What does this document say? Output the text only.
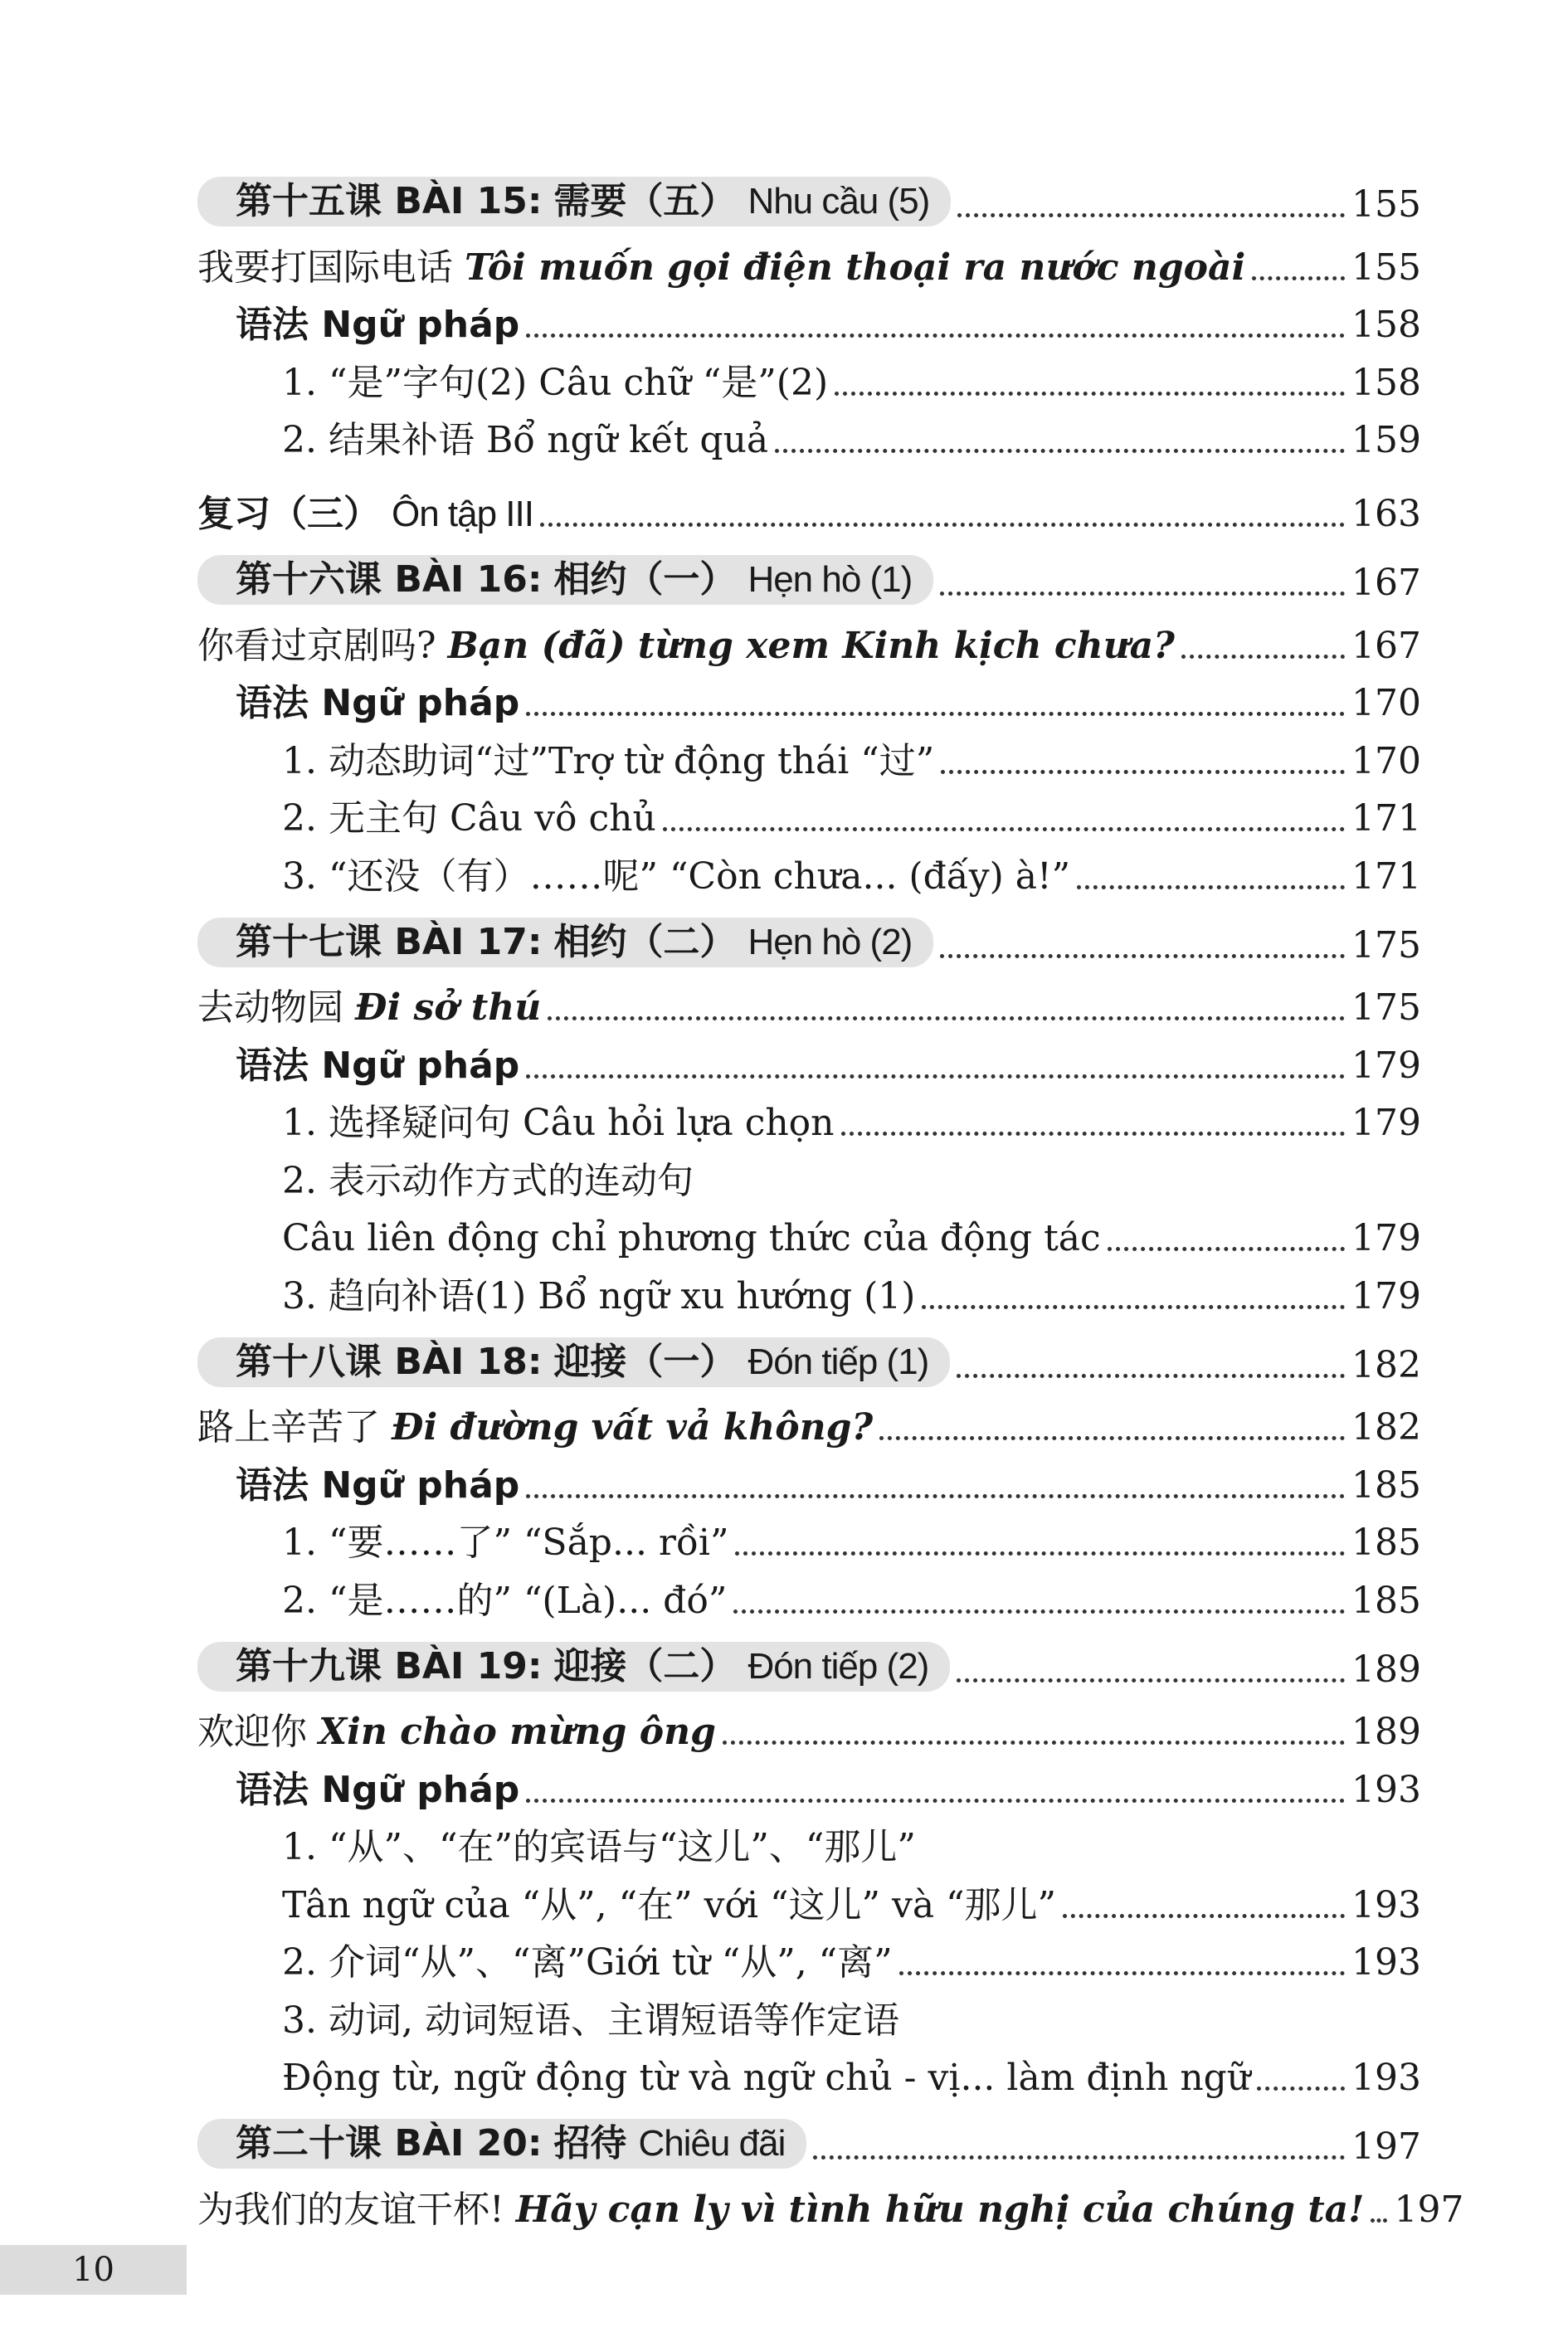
第十五课 BÀI 15: 需要（五） Nhu cầu (5)	155
我要打国际电话 Tôi muốn gọi điện thoại ra nước ngoài	155
语法 Ngữ pháp	158
1. “是”字句(2) Câu chữ “是”(2)	158
2. 结果补语 Bổ ngữ kết quả	159
复习（三） Ôn tập III	163
第十六课 BÀI 16: 相约（一） Hẹn hò (1)	167
你看过京剧吗? Bạn (đã) từng xem Kinh kịch chưa?	167
语法 Ngữ pháp	170
1. 动态助词“过”Trợ từ động thái “过”	170
2. 无主句 Câu vô chủ	171
3. “还没（有）……呢” “Còn chưa... (đấy) à!”	171
第十七课 BÀI 17: 相约（二） Hẹn hò (2)	175
去动物园 Đi sở thú	175
语法 Ngữ pháp	179
1. 选择疑问句 Câu hỏi lựa chọn	179
2. 表示动作方式的连动句
Câu liên động chỉ phương thức của động tác	179
3. 趋向补语(1) Bổ ngữ xu hướng (1)	179
第十八课 BÀI 18: 迎接（一） Đón tiếp (1)	182
路上辛苦了 Đi đường vất vả không?	182
语法 Ngữ pháp	185
1. “要……了” “Sắp... rồi”	185
2. “是……的” “(Là)... đó”	185
第十九课 BÀI 19: 迎接（二） Đón tiếp (2)	189
欢迎你 Xin chào mừng ông	189
语法 Ngữ pháp	193
1. “从”、“在”的宾语与“这儿”、“那儿”
Tân ngữ của “从”, “在” với “这儿” và “那儿”	193
2. 介词“从”、“离”Giới từ “从”, “离”	193
3. 动词, 动词短语、主谓短语等作定语
Động từ, ngữ động từ và ngữ chủ - vị... làm định ngữ	193
第二十课 BÀI 20: 招待 Chiêu đãi	197
为我们的友谊干杯! Hãy cạn ly vì tình hữu nghị của chúng ta! 197
10
